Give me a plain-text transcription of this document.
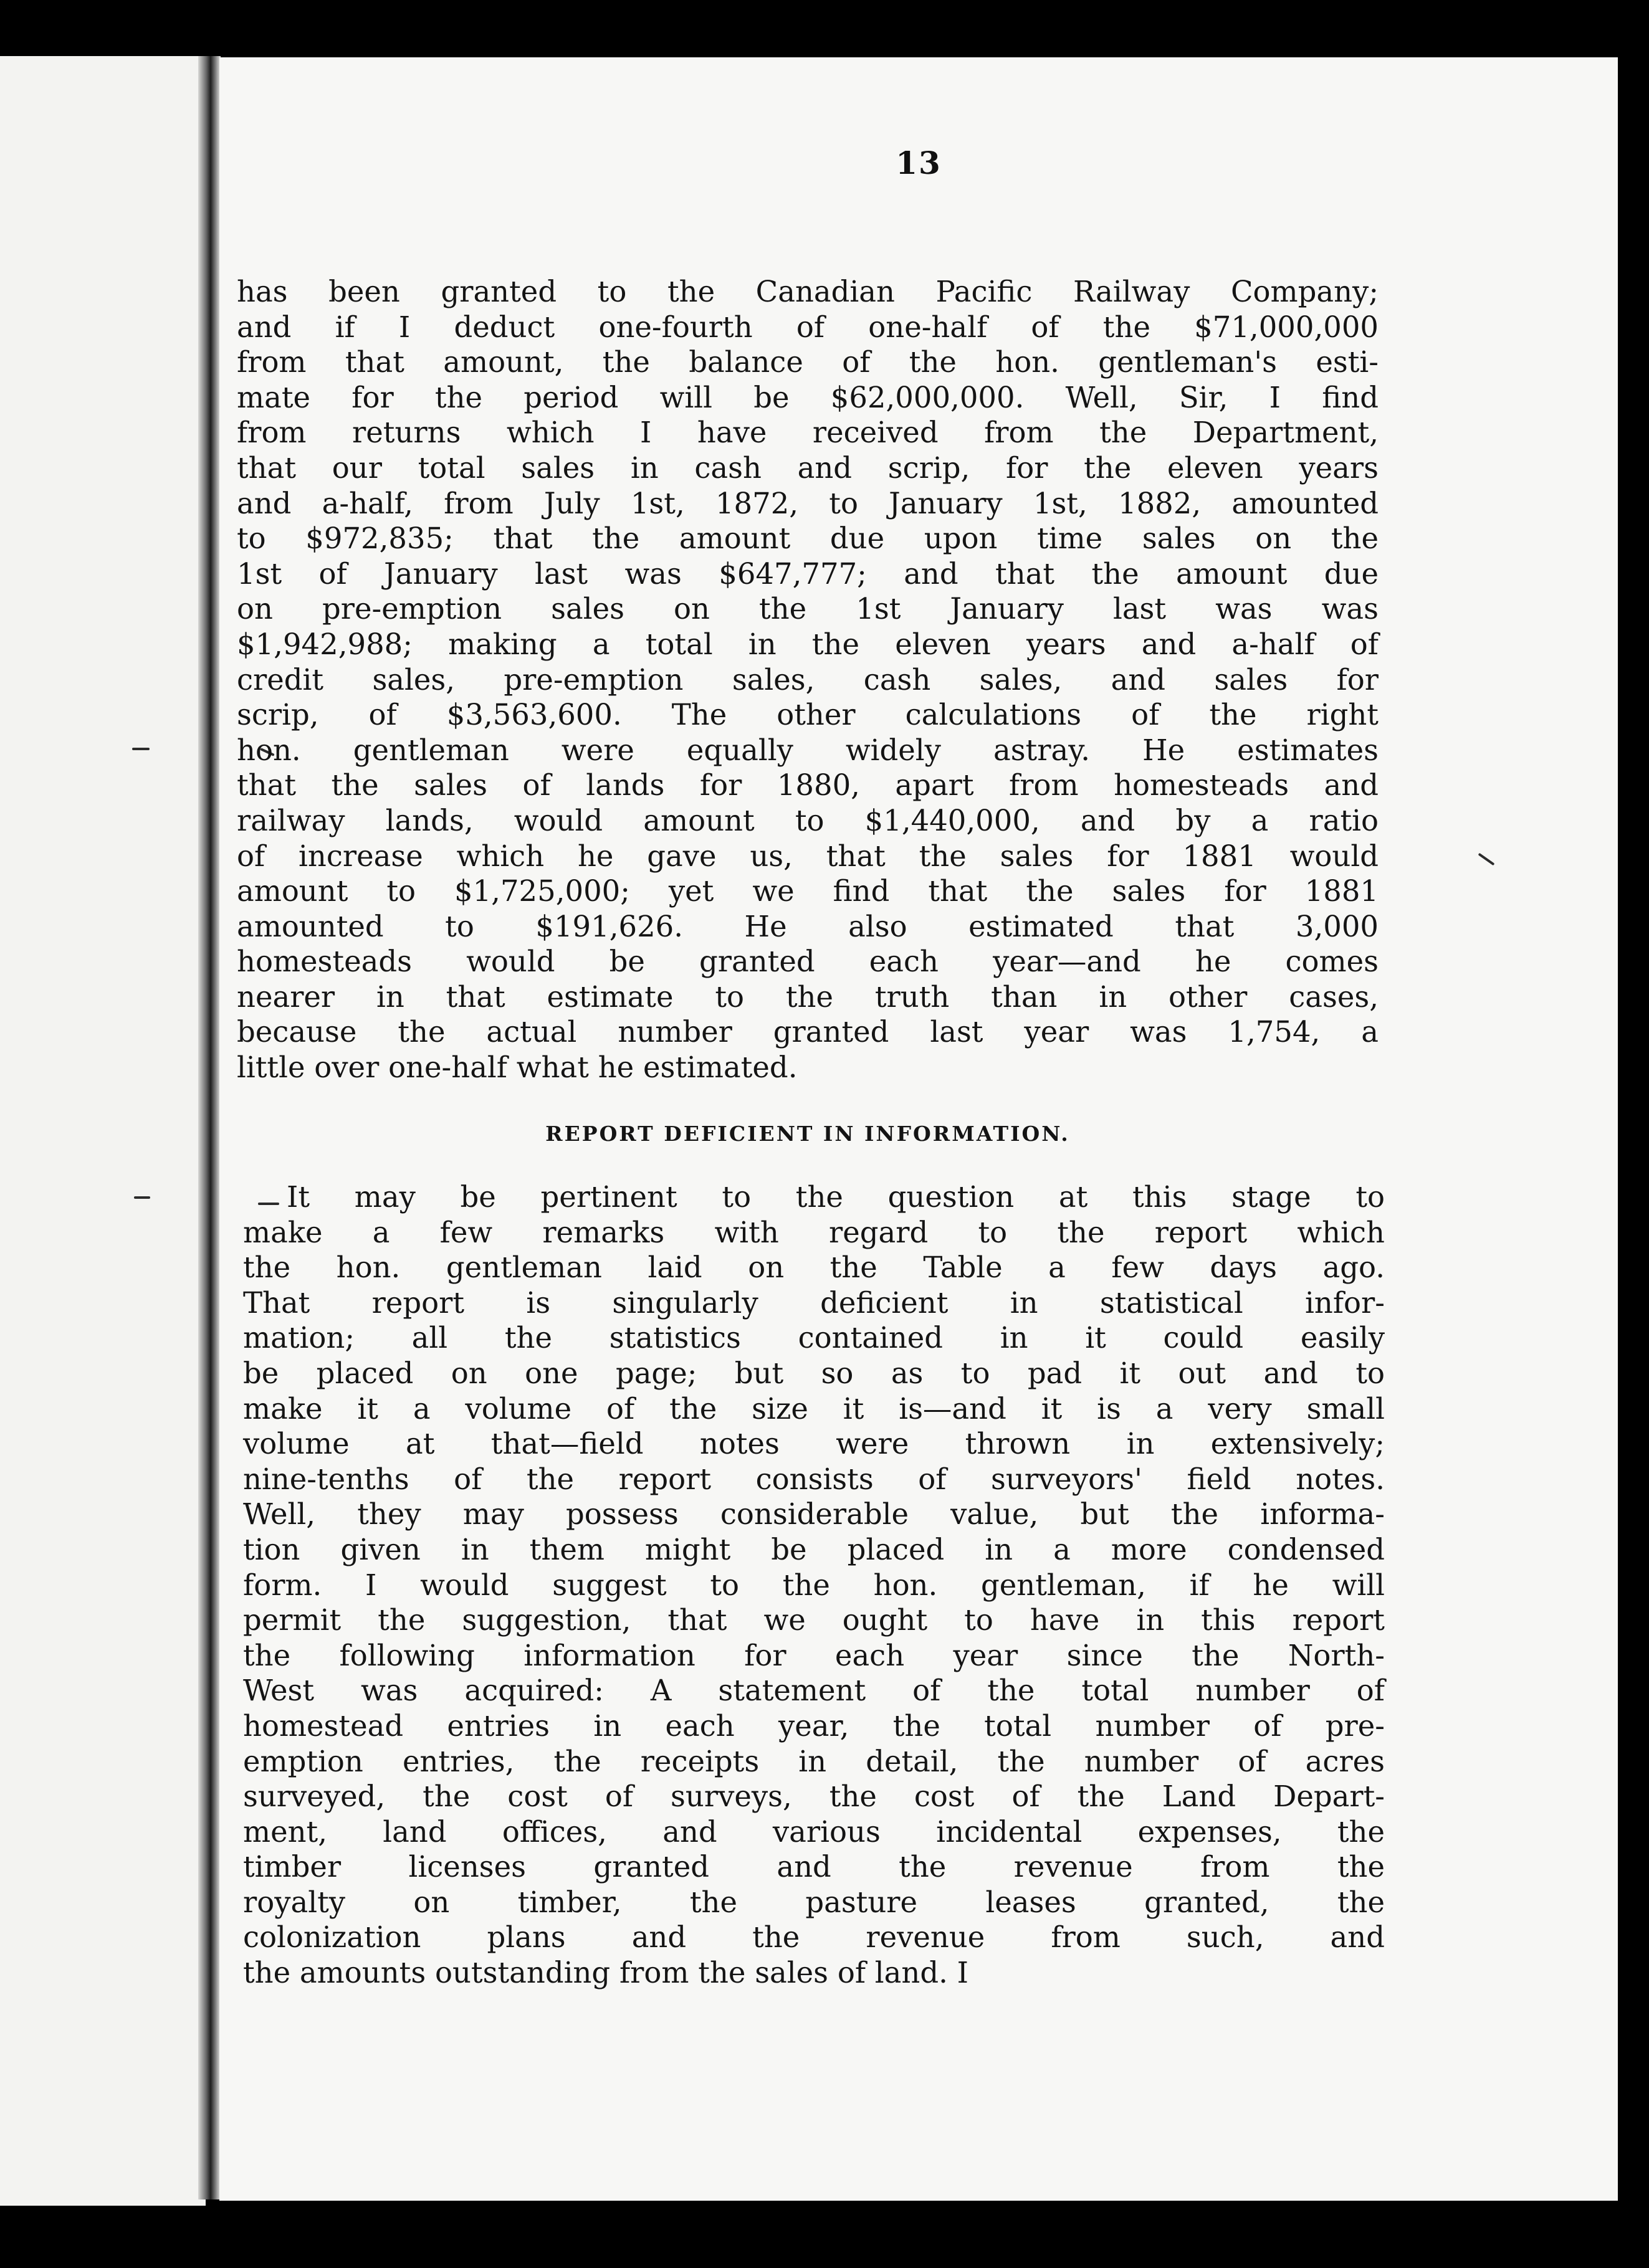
13
has been granted to the Canadian Pacific Railway Company;
and if I deduct one-fourth of one-half of the $71,000,000
from that amount, the balance of the hon. gentleman's esti-
mate for the period will be $62,000,000. Well, Sir, I find
from returns which I have received from the Department,
that our total sales in cash and scrip, for the eleven years
and a-half, from July 1st, 1872, to January 1st, 1882, amounted
to $972,835; that the amount due upon time sales on the
1st of January last was $647,777; and that the amount due
on pre-emption sales on the 1st January last was was
$1,942,988; making a total in the eleven years and a-half of
credit sales, pre-emption sales, cash sales, and sales for
scrip, of $3,563,600. The other calculations of the right
hon. gentleman were equally widely astray. He estimates
that the sales of lands for 1880, apart from homesteads and
railway lands, would amount to $1,440,000, and by a ratio
of increase which he gave us, that the sales for 1881 would
amount to $1,725,000; yet we find that the sales for 1881
amounted to $191,626. He also estimated that 3,000
homesteads would be granted each year—and he comes
nearer in that estimate to the truth than in other cases,
because the actual number granted last year was 1,754, a
little over one-half what he estimated.
REPORT DEFICIENT IN INFORMATION.
It may be pertinent to the question at this stage to
make a few remarks with regard to the report which
the hon. gentleman laid on the Table a few days ago.
That report is singularly deficient in statistical infor-
mation; all the statistics contained in it could easily
be placed on one page; but so as to pad it out and to
make it a volume of the size it is—and it is a very small
volume at that—field notes were thrown in extensively;
nine-tenths of the report consists of surveyors' field notes.
Well, they may possess considerable value, but the informa-
tion given in them might be placed in a more condensed
form. I would suggest to the hon. gentleman, if he will
permit the suggestion, that we ought to have in this report
the following information for each year since the North-
West was acquired: A statement of the total number of
homestead entries in each year, the total number of pre-
emption entries, the receipts in detail, the number of acres
surveyed, the cost of surveys, the cost of the Land Depart-
ment, land offices, and various incidental expenses, the
timber licenses granted and the revenue from the
royalty on timber, the pasture leases granted, the
colonization plans and the revenue from such, and
the amounts outstanding from the sales of land. I
